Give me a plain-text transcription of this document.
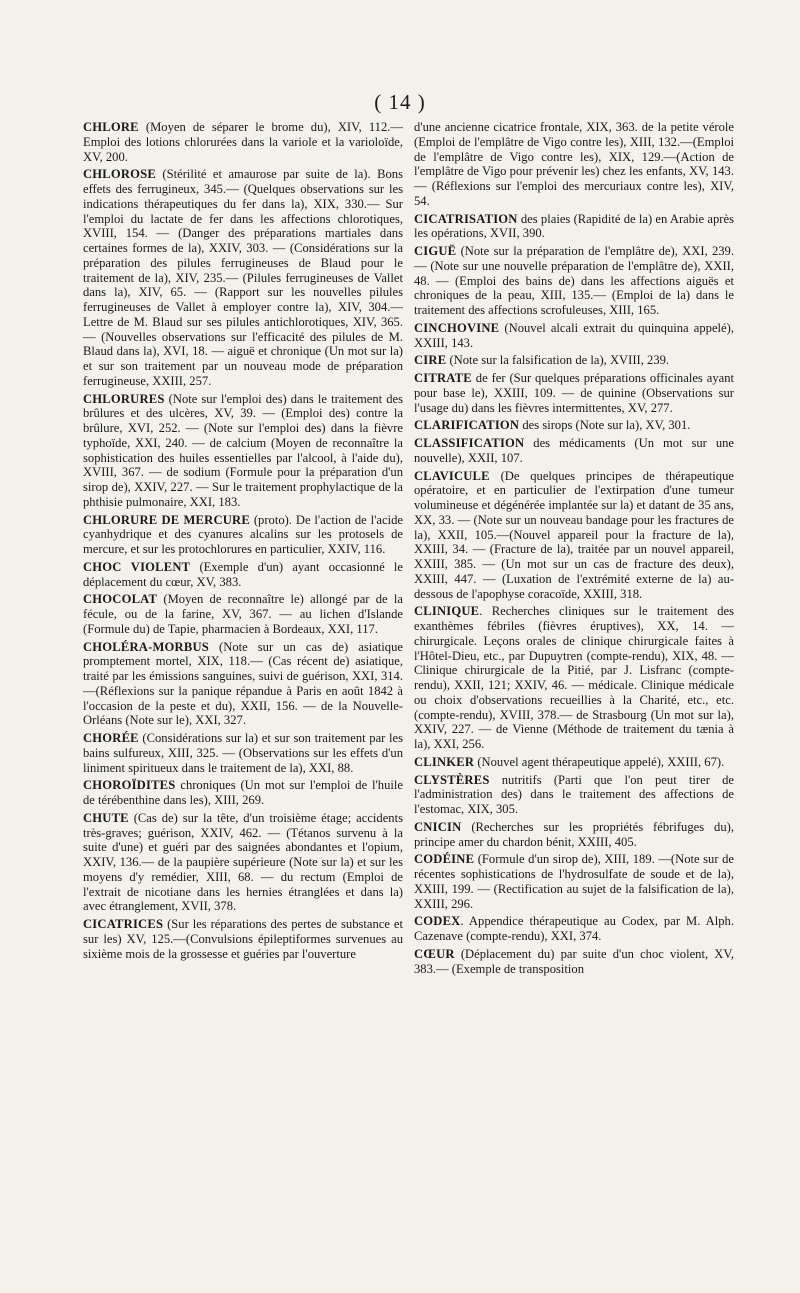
( 14 )

CHLORE (Moyen de séparer le brome du), XIV, 112.— Emploi des lotions chlorurées dans la variole et la varioloïde, XV, 200.

CHLOROSE (Stérilité et amaurose par suite de la). Bons effets des ferrugineux, 345.— (Quelques observations sur les indications thérapeutiques du fer dans la), XIX, 330.— Sur l'emploi du lactate de fer dans les affections chlorotiques, XVIII, 154. — (Danger des préparations martiales dans certaines formes de la), XXIV, 303. — (Considérations sur la préparation des pilules ferrugineuses de Blaud pour le traitement de la), XIV, 235.— (Pilules ferrugineuses de Vallet dans la), XIV, 65. — (Rapport sur les nouvelles pilules ferrugineuses de Vallet à employer contre la), XIV, 304.— Lettre de M. Blaud sur ses pilules antichlorotiques, XIV, 365. — (Nouvelles observations sur l'efficacité des pilules de M. Blaud dans la), XVI, 18. — aiguë et chronique (Un mot sur la) et sur son traitement par un nouveau mode de préparation ferrugineuse, XXIII, 257.

CHLORURES (Note sur l'emploi des) dans le traitement des brûlures et des ulcères, XV, 39. — (Emploi des) contre la brûlure, XVI, 252. — (Note sur l'emploi des) dans la fièvre typhoïde, XXI, 240. — de calcium (Moyen de reconnaître la sophistication des huiles essentielles par l'alcool, à l'aide du), XVIII, 367. — de sodium (Formule pour la préparation d'un sirop de), XXIV, 227. — Sur le traitement prophylactique de la phthisie pulmonaire, XXI, 183.

CHLORURE DE MERCURE (proto). De l'action de l'acide cyanhydrique et des cyanures alcalins sur les protosels de mercure, et sur les protochlorures en particulier, XXIV, 116.

CHOC VIOLENT (Exemple d'un) ayant occasionné le déplacement du cœur, XV, 383.

CHOCOLAT (Moyen de reconnaître le) allongé par de la fécule, ou de la farine, XV, 367. — au lichen d'Islande (Formule du) de Tapie, pharmacien à Bordeaux, XXI, 117.

CHOLÉRA-MORBUS (Note sur un cas de) asiatique promptement mortel, XIX, 118.— (Cas récent de) asiatique, traité par les émissions sanguines, suivi de guérison, XXI, 314. —(Réflexions sur la panique répandue à Paris en août 1842 à l'occasion de la peste et du), XXII, 156. — de la Nouvelle-Orléans (Note sur le), XXI, 327.

CHORÉE (Considérations sur la) et sur son traitement par les bains sulfureux, XIII, 325. — (Observations sur les effets d'un liniment spiritueux dans le traitement de la), XXI, 88.

CHOROÏDITES chroniques (Un mot sur l'emploi de l'huile de térébenthine dans les), XIII, 269.

CHUTE (Cas de) sur la tête, d'un troisième étage; accidents très-graves; guérison, XXIV, 462. — (Tétanos survenu à la suite d'une) et guéri par des saignées abondantes et l'opium, XXIV, 136.— de la paupière supérieure (Note sur la) et sur les moyens d'y remédier, XIII, 68. — du rectum (Emploi de l'extrait de nicotiane dans les hernies étranglées et dans la) avec étranglement, XVII, 378.

CICATRICES (Sur les réparations des pertes de substance et sur les) XV, 125.—(Convulsions épileptiformes survenues au sixième mois de la grossesse et guéries par l'ouverture

d'une ancienne cicatrice frontale, XIX, 363. de la petite vérole (Emploi de l'emplâtre de Vigo contre les), XIII, 132.—(Emploi de l'emplâtre de Vigo contre les), XIX, 129.—(Action de l'emplâtre de Vigo pour prévenir les) chez les enfants, XV, 143. — (Réflexions sur l'emploi des mercuriaux contre les), XIV, 54.

CICATRISATION des plaies (Rapidité de la) en Arabie après les opérations, XVII, 390.

CIGUË (Note sur la préparation de l'emplâtre de), XXI, 239. — (Note sur une nouvelle préparation de l'emplâtre de), XXII, 48. — (Emploi des bains de) dans les affections aiguës et chroniques de la peau, XIII, 135.— (Emploi de la) dans le traitement des affections scrofuleuses, XIII, 165.

CINCHOVINE (Nouvel alcali extrait du quinquina appelé), XXIII, 143.

CIRE (Note sur la falsification de la), XVIII, 239.

CITRATE de fer (Sur quelques préparations officinales ayant pour base le), XXIII, 109. — de quinine (Observations sur l'usage du) dans les fièvres intermittentes, XV, 277.

CLARIFICATION des sirops (Note sur la), XV, 301.

CLASSIFICATION des médicaments (Un mot sur une nouvelle), XXII, 107.

CLAVICULE (De quelques principes de thérapeutique opératoire, et en particulier de l'extirpation d'une tumeur volumineuse et dégénérée implantée sur la) et datant de 35 ans, XX, 33. — (Note sur un nouveau bandage pour les fractures de la), XXII, 105.—(Nouvel appareil pour la fracture de la), XXIII, 34. — (Fracture de la), traitée par un nouvel appareil, XXIII, 385. — (Un mot sur un cas de fracture des deux), XXIII, 447. — (Luxation de l'extrémité externe de la) au-dessous de l'apophyse coracoïde, XXIII, 318.

CLINIQUE. Recherches cliniques sur le traitement des exanthèmes fébriles (fièvres éruptives), XX, 14. — chirurgicale. Leçons orales de clinique chirurgicale faites à l'Hôtel-Dieu, etc., par Dupuytren (compte-rendu), XIX, 48. — Clinique chirurgicale de la Pitié, par J. Lisfranc (compte-rendu), XXII, 121; XXIV, 46. — médicale. Clinique médicale ou choix d'observations recueillies à la Charité, etc., etc. (compte-rendu), XVIII, 378.— de Strasbourg (Un mot sur la), XXIV, 227. — de Vienne (Méthode de traitement du tænia à la), XXI, 256.

CLINKER (Nouvel agent thérapeutique appelé), XXIII, 67).

CLYSTÈRES nutritifs (Parti que l'on peut tirer de l'administration des) dans le traitement des affections de l'estomac, XIX, 305.

CNICIN (Recherches sur les propriétés fébrifuges du), principe amer du chardon bénit, XXIII, 405.

CODÉINE (Formule d'un sirop de), XIII, 189. —(Note sur de récentes sophistications de l'hydrosulfate de soude et de la), XXIII, 199. — (Rectification au sujet de la falsification de la), XXIII, 296.

CODEX. Appendice thérapeutique au Codex, par M. Alph. Cazenave (compte-rendu), XXI, 374.

CŒUR (Déplacement du) par suite d'un choc violent, XV, 383.— (Exemple de transposition
